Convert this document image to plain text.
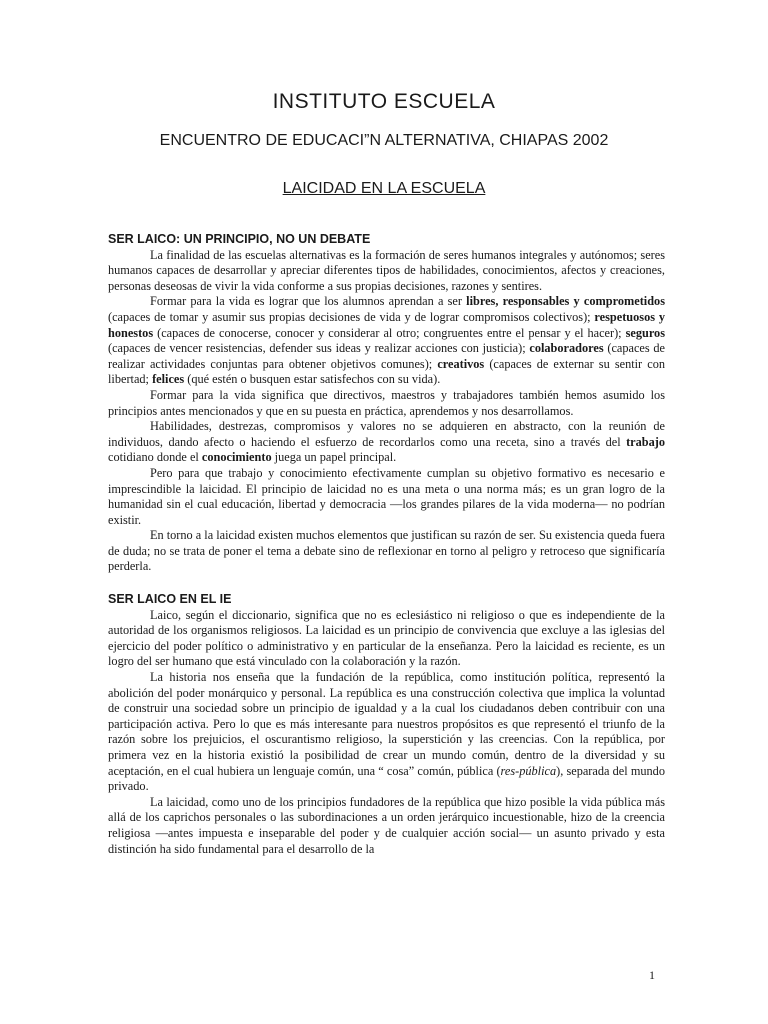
INSTITUTO ESCUELA
ENCUENTRO DE EDUCACI”N ALTERNATIVA, CHIAPAS 2002
LAICIDAD EN LA ESCUELA
SER LAICO: UN PRINCIPIO, NO UN DEBATE

La finalidad de las escuelas alternativas es la formación de seres humanos integrales y autónomos; seres humanos capaces de desarrollar y apreciar diferentes tipos de habilidades, conocimientos, afectos y creaciones, personas deseosas de vivir la vida conforme a sus propias decisiones, razones y sentires.

Formar para la vida es lograr que los alumnos aprendan a ser libres, responsables y comprometidos (capaces de tomar y asumir sus propias decisiones de vida y de lograr compromisos colectivos); respetuosos y honestos (capaces de conocerse, conocer y considerar al otro; congruentes entre el pensar y el hacer); seguros (capaces de vencer resistencias, defender sus ideas y realizar acciones con justicia); colaboradores (capaces de realizar actividades conjuntas para obtener objetivos comunes); creativos (capaces de externar su sentir con libertad; felices (qué estén o busquen estar satisfechos con su vida).

Formar para la vida significa que directivos, maestros y trabajadores también hemos asumido los principios antes mencionados y que en su puesta en práctica, aprendemos y nos desarrollamos.

Habilidades, destrezas, compromisos y valores no se adquieren en abstracto, con la reunión de individuos, dando afecto o haciendo el esfuerzo de recordarlos como una receta, sino a través del trabajo cotidiano donde el conocimiento juega un papel principal.

Pero para que trabajo y conocimiento efectivamente cumplan su objetivo formativo es necesario e imprescindible la laicidad. El principio de laicidad no es una meta o una norma más; es un gran logro de la humanidad sin el cual educación, libertad y democracia —los grandes pilares de la vida moderna— no podrían existir.

En torno a la laicidad existen muchos elementos que justifican su razón de ser. Su existencia queda fuera de duda; no se trata de poner el tema a debate sino de reflexionar en torno al peligro y retroceso que significaría perderla.

SER LAICO EN EL IE

Laico, según el diccionario, significa que no es eclesiástico ni religioso o que es independiente de la autoridad de los organismos religiosos. La laicidad es un principio de convivencia que excluye a las iglesias del ejercicio del poder político o administrativo y en particular de la enseñanza. Pero la laicidad es reciente, es un logro del ser humano que está vinculado con la colaboración y la razón.

La historia nos enseña que la fundación de la república, como institución política, representó la abolición del poder monárquico y personal. La república es una construcción colectiva que implica la voluntad de construir una sociedad sobre un principio de igualdad y a la cual los ciudadanos deben contribuir con una participación activa. Pero lo que es más interesante para nuestros propósitos es que representó el triunfo de la razón sobre los prejuicios, el oscurantismo religioso, la superstición y las creencias. Con la república, por primera vez en la historia existió la posibilidad de crear un mundo común, dentro de la diversidad y su aceptación, en el cual hubiera un lenguaje común, una “ cosa” común, pública (res-pública), separada del mundo privado.

La laicidad, como uno de los principios fundadores de la república que hizo posible la vida pública más allá de los caprichos personales o las subordinaciones a un orden jerárquico incuestionable, hizo de la creencia religiosa —antes impuesta e inseparable del poder y de cualquier acción social— un asunto privado y esta distinción ha sido fundamental para el desarrollo de la

1
